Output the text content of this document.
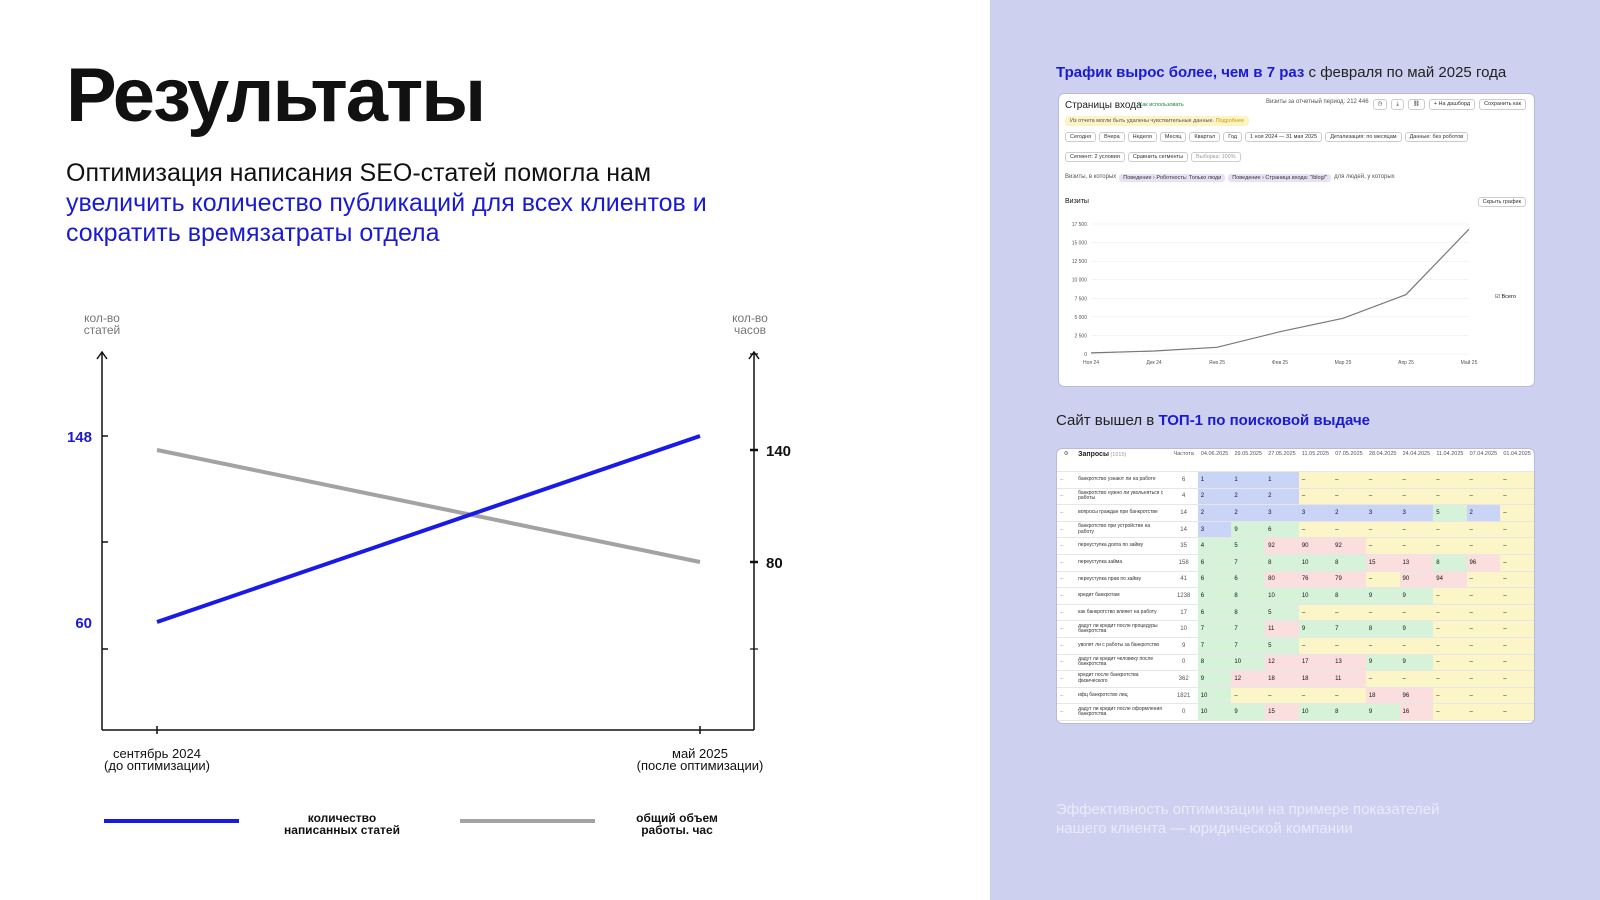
Результаты
Оптимизация написания SEO-статей помогла нам
увеличить количество публикаций для всех клиентов и сократить времязатраты отдела
кол-во
статей
кол-во
часов
148
60
140
80
сентябрь 2024
(до оптимизации)
май 2025
(после оптимизации)
количество
написанных статей
общий объем
работы. час
Трафик вырос более, чем в 7 раз с февраля по май 2025 года
Страницы входа
Как использовать	Визиты за отчетный период: 212 446	◷	⤓	⛓	+ На дашборд	Сохранить как
Из отчета могли быть удалены чувствительные данные. Подробнее
Сегодня	Вчера	Неделя	Месяц	Квартал	Год	1 ноя 2024 — 31 мая 2025	Детализация: по месяцам	Данные: без роботов
Сегмент: 2 условия	Сравнить сегменты	Выборка: 100%
Визиты, в которых	Поведение › Роботность: Только люди	Поведение › Страница входа: "/blog/"	для людей, у которых
Визиты	Скрыть график
17 500
15 000
12 500
10 000
7 500
5 000
2 500
0
Ноя 24	Дек 24	Янв 25	Фев 25	Мар 25	Апр 25	Май 25
☑ Всего
Сайт вышел в ТОП-1 по поисковой выдаче
⚙	Запросы (1015)	Частота	04.06.2025	29.05.2025	27.05.2025	11.05.2025	07.05.2025	28.04.2025	24.04.2025	11.04.2025	07.04.2025	01.04.2025
–	банкротство узнают ли на работе	6	1	1	1	–	–	–	–	–	–	–
–	банкротство нужно ли увольняться с работы	4	2	2	2	–	–	–	–	–	–	–
–	вопросы граждан при банкротстве	14	2	2	3	3	2	3	3	5	2	–
–	банкротство при устройстве на работу	14	3	9	6	–	–	–	–	–	–	–
–	переуступка долга по займу	35	4	5	92	90	92	–	–	–	–	–
–	переуступка займа	158	6	7	8	10	8	15	13	8	96	–
–	переуступка прав по займу	41	6	6	80	76	79	–	90	94	–	–
–	кредит банкротам	1238	6	8	10	10	8	9	9	–	–	–
–	как банкротство влияет на работу	17	6	8	5	–	–	–	–	–	–	–
–	дадут ли кредит после процедуры банкротства	10	7	7	11	9	7	8	9	–	–	–
–	уволят ли с работы за банкротство	9	7	7	5	–	–	–	–	–	–	–
–	дадут ли кредит человеку после банкротства	0	8	10	12	17	13	9	9	–	–	–
–	кредит после банкротства физического	362	9	12	18	18	11	–	–	–	–	–
–	ифц банкротство лиц	1821	10	–	–	–	–	18	96	–	–	–
–	дадут ли кредит после оформления банкротства	0	10	9	15	10	8	9	16	–	–	–
Эффективность оптимизации на примере показателей нашего клиента — юридической компании
